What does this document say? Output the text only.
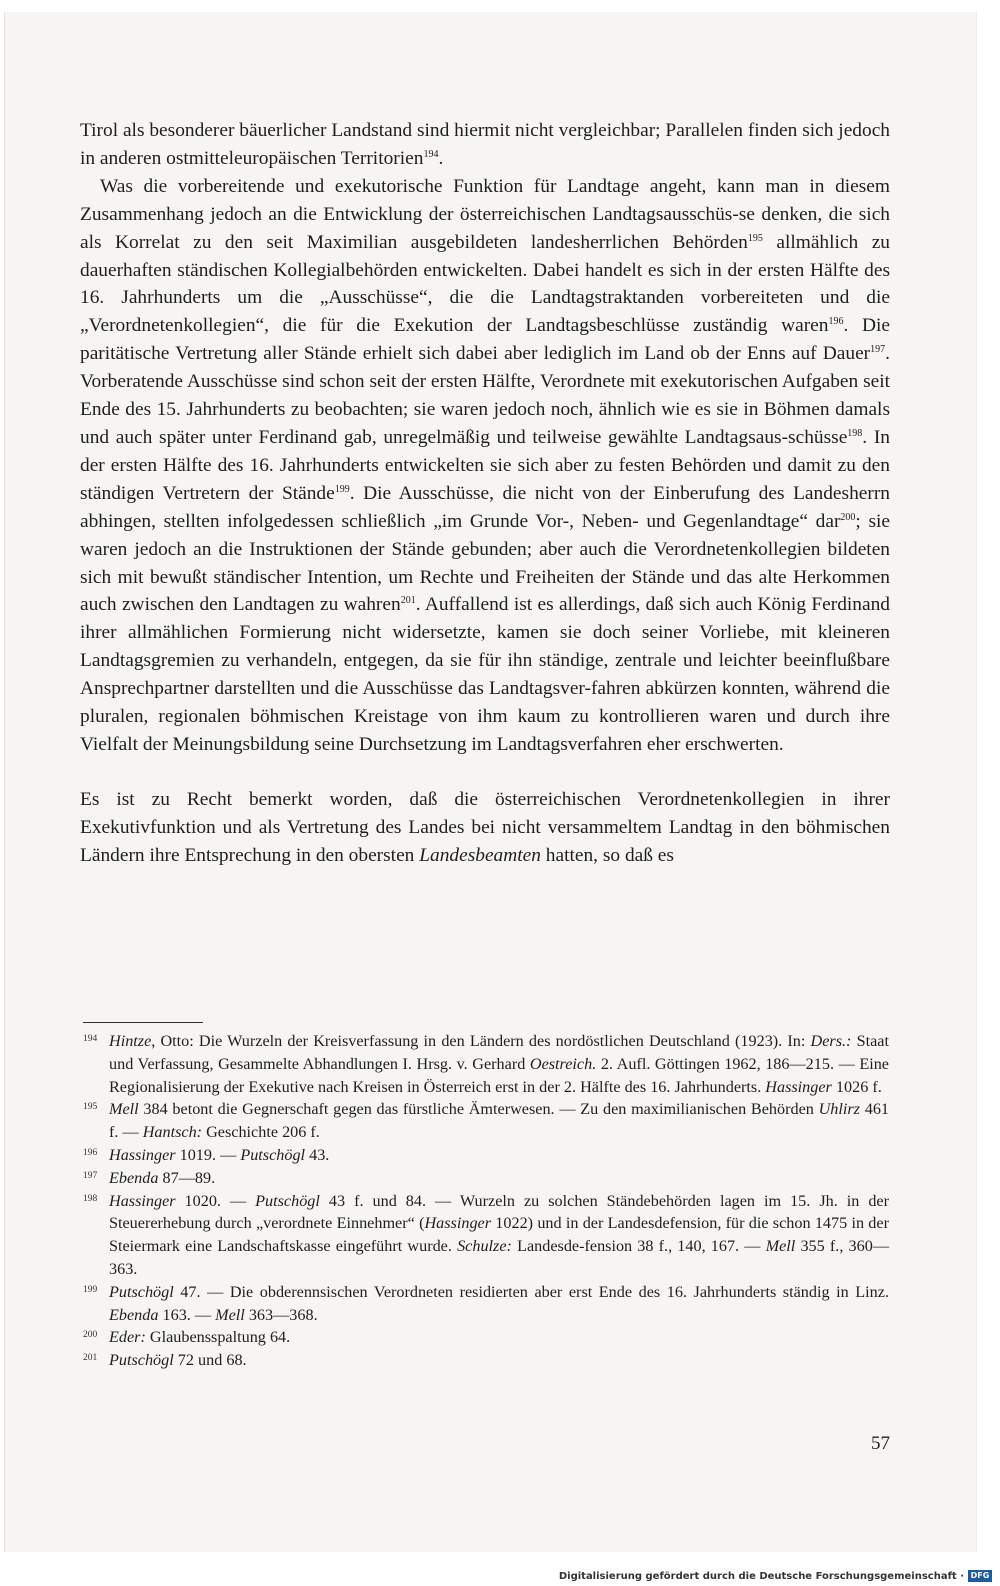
Tirol als besonderer bäuerlicher Landstand sind hiermit nicht vergleichbar; Parallelen finden sich jedoch in anderen ostmitteleuropäischen Territorien$^{194}$.

Was die vorbereitende und exekutorische Funktion für Landtage angeht, kann man in diesem Zusammenhang jedoch an die Entwicklung der österreichischen Landtagsausschüs-se denken, die sich als Korrelat zu den seit Maximilian ausgebildeten landesherrlichen Behörden$^{195}$ allmählich zu dauerhaften ständischen Kollegialbehörden entwickelten. Dabei handelt es sich in der ersten Hälfte des 16. Jahrhunderts um die „Ausschüsse“, die die Landtagstraktanden vorbereiteten und die „Verordnetenkollegien“, die für die Exekution der Landtagsbeschlüsse zuständig waren$^{196}$. Die paritätische Vertretung aller Stände erhielt sich dabei aber lediglich im Land ob der Enns auf Dauer$^{197}$. Vorberatende Ausschüsse sind schon seit der ersten Hälfte, Verordnete mit exekutorischen Aufgaben seit Ende des 15. Jahrhunderts zu beobachten; sie waren jedoch noch, ähnlich wie es sie in Böhmen damals und auch später unter Ferdinand gab, unregelmäßig und teilweise gewählte Landtagsaus-schüsse$^{198}$. In der ersten Hälfte des 16. Jahrhunderts entwickelten sie sich aber zu festen Behörden und damit zu den ständigen Vertretern der Stände$^{199}$. Die Ausschüsse, die nicht von der Einberufung des Landesherrn abhingen, stellten infolgedessen schließlich „im Grunde Vor-, Neben- und Gegenlandtage“ dar$^{200}$; sie waren jedoch an die Instruktionen der Stände gebunden; aber auch die Verordnetenkollegien bildeten sich mit bewußt ständischer Intention, um Rechte und Freiheiten der Stände und das alte Herkommen auch zwischen den Landtagen zu wahren$^{201}$. Auffallend ist es allerdings, daß sich auch König Ferdinand ihrer allmählichen Formierung nicht widersetzte, kamen sie doch seiner Vorliebe, mit kleineren Landtagsgremien zu verhandeln, entgegen, da sie für ihn ständige, zentrale und leichter beeinflußbare Ansprechpartner darstellten und die Ausschüsse das Landtagsver-fahren abkürzen konnten, während die pluralen, regionalen böhmischen Kreistage von ihm kaum zu kontrollieren waren und durch ihre Vielfalt der Meinungsbildung seine Durchsetzung im Landtagsverfahren eher erschwerten.

Es ist zu Recht bemerkt worden, daß die österreichischen Verordnetenkollegien in ihrer Exekutivfunktion und als Vertretung des Landes bei nicht versammeltem Landtag in den böhmischen Ländern ihre Entsprechung in den obersten Landesbeamten hatten, so daß es

194 Hintze, Otto: Die Wurzeln der Kreisverfassung in den Ländern des nordöstlichen Deutschland (1923). In: Ders.: Staat und Verfassung, Gesammelte Abhandlungen I. Hrsg. v. Gerhard Oestreich. 2. Aufl. Göttingen 1962, 186—215. — Eine Regionalisierung der Exekutive nach Kreisen in Österreich erst in der 2. Hälfte des 16. Jahrhunderts. Hassinger 1026 f.
195 Mell 384 betont die Gegnerschaft gegen das fürstliche Ämterwesen. — Zu den maximilianischen Behörden Uhlirz 461 f. — Hantsch: Geschichte 206 f.
196 Hassinger 1019. — Putschögl 43.
197 Ebenda 87—89.
198 Hassinger 1020. — Putschögl 43 f. und 84. — Wurzeln zu solchen Ständebehörden lagen im 15. Jh. in der Steuererhebung durch „verordnete Einnehmer“ (Hassinger 1022) und in der Landesdefension, für die schon 1475 in der Steiermark eine Landschaftskasse eingeführt wurde. Schulze: Landesde-fension 38 f., 140, 167. — Mell 355 f., 360—363.
199 Putschögl 47. — Die obderennsischen Verordneten residierten aber erst Ende des 16. Jahrhunderts ständig in Linz. Ebenda 163. — Mell 363—368.
200 Eder: Glaubensspaltung 64.
201 Putschögl 72 und 68.
57
Digitalisierung gefördert durch die Deutsche Forschungsgemeinschaft · DFG
